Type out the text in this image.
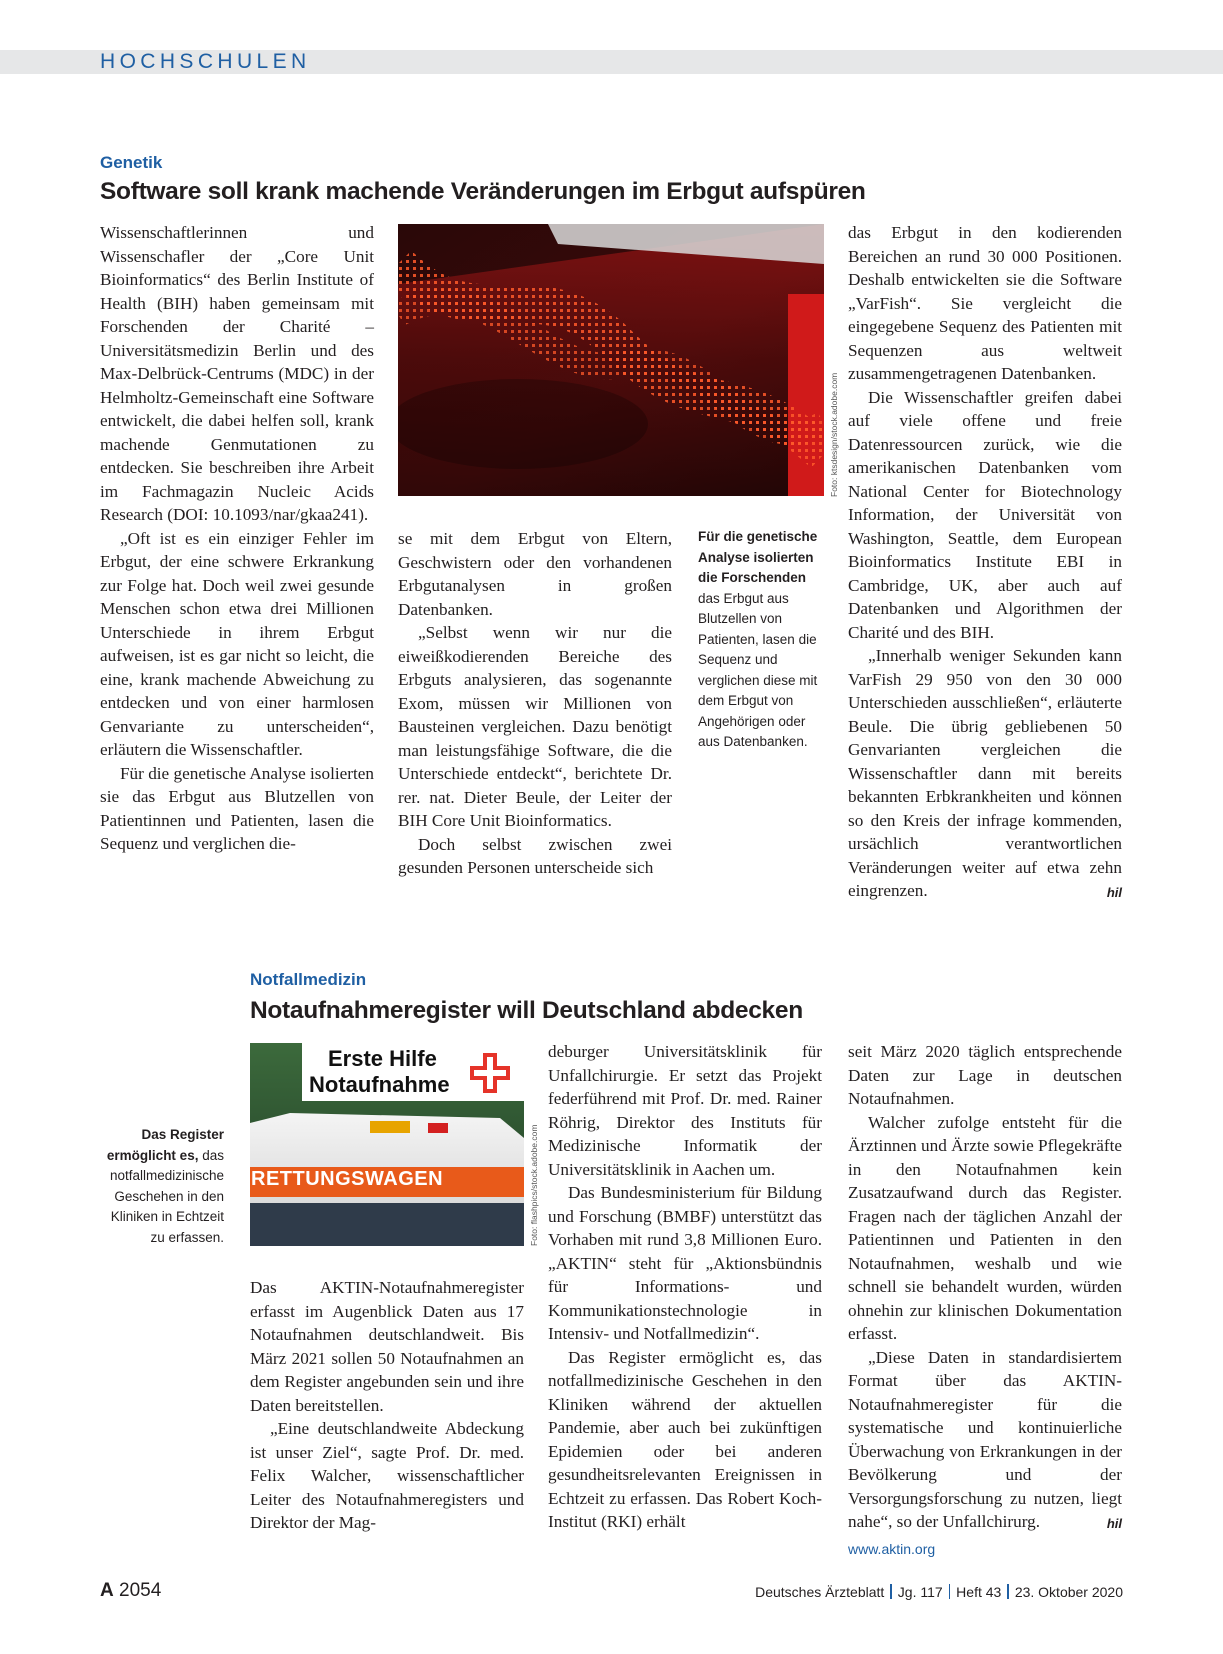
HOCHSCHULEN
Genetik
Software soll krank machende Veränderungen im Erbgut aufspüren

Wissenschaftlerinnen und Wissenschafler der „Core Unit Bioinformatics“ des Berlin Institute of Health (BIH) haben gemeinsam mit Forschenden der Charité – Universitätsmedizin Berlin und des Max-Delbrück-Centrums (MDC) in der Helmholtz-Gemeinschaft eine Software entwickelt, die dabei helfen soll, krank machende Genmutationen zu entdecken. Sie beschreiben ihre Arbeit im Fachmagazin Nucleic Acids Research (DOI: 10.1093/nar/gkaa241).

„Oft ist es ein einziger Fehler im Erbgut, der eine schwere Erkrankung zur Folge hat. Doch weil zwei gesunde Menschen schon etwa drei Millionen Unterschiede in ihrem Erbgut aufweisen, ist es gar nicht so leicht, die eine, krank machende Abweichung zu entdecken und von einer harmlosen Genvariante zu unterscheiden“, erläutern die Wissenschaftler.

Für die genetische Analyse isolierten sie das Erbgut aus Blutzellen von Patientinnen und Patienten, lasen die Sequenz und verglichen die-

Foto: ktsdesign/stock.adobe.com

se mit dem Erbgut von Eltern, Geschwistern oder den vorhandenen Erbgutanalysen in großen Datenbanken.

„Selbst wenn wir nur die eiweißkodierenden Bereiche des Erbguts analysieren, das sogenannte Exom, müssen wir Millionen von Bausteinen vergleichen. Dazu benötigt man leistungsfähige Software, die die Unterschiede entdeckt“, berichtete Dr. rer. nat. Dieter Beule, der Leiter der BIH Core Unit Bioinformatics.

Doch selbst zwischen zwei gesunden Personen unterscheide sich

Für die genetische Analyse isolierten die Forschenden das Erbgut aus Blutzellen von Patienten, lasen die Sequenz und verglichen diese mit dem Erbgut von Angehörigen oder aus Datenbanken.

das Erbgut in den kodierenden Bereichen an rund 30 000 Positionen. Deshalb entwickelten sie die Software „VarFish“. Sie vergleicht die eingegebene Sequenz des Patienten mit Sequenzen aus weltweit zusammengetragenen Datenbanken.

Die Wissenschaftler greifen dabei auf viele offene und freie Datenressourcen zurück, wie die amerikanischen Datenbanken vom National Center for Biotechnology Information, der Universität von Washington, Seattle, dem European Bioinformatics Institute EBI in Cambridge, UK, aber auch auf Datenbanken und Algorithmen der Charité und des BIH.

„Innerhalb weniger Sekunden kann VarFish 29 950 von den 30 000 Unterschieden ausschließen“, erläuterte Beule. Die übrig gebliebenen 50 Genvarianten vergleichen die Wissenschaftler dann mit bereits bekannten Erbkrankheiten und können so den Kreis der infrage kommenden, ursächlich verantwortlichen Veränderungen weiter auf etwa zehn eingrenzen.	hil

Notfallmedizin
Notaufnahmeregister will Deutschland abdecken
Das Register ermöglicht es, das notfallmedizinische Geschehen in den Kliniken in Echtzeit zu erfassen.
Erste Hilfe
Notaufnahme
RETTUNGSWAGEN	Foto: flashpics/stock.adobe.com

Das AKTIN-Notaufnahmeregister erfasst im Augenblick Daten aus 17 Notaufnahmen deutschlandweit. Bis März 2021 sollen 50 Notaufnahmen an dem Register angebunden sein und ihre Daten bereitstellen.

„Eine deutschlandweite Abdeckung ist unser Ziel“, sagte Prof. Dr. med. Felix Walcher, wissenschaftlicher Leiter des Notaufnahmeregisters und Direktor der Mag-

deburger Universitätsklinik für Unfallchirurgie. Er setzt das Projekt federführend mit Prof. Dr. med. Rainer Röhrig, Direktor des Instituts für Medizinische Informatik der Universitätsklinik in Aachen um.

Das Bundesministerium für Bildung und Forschung (BMBF) unterstützt das Vorhaben mit rund 3,8 Millionen Euro. „AKTIN“ steht für „Aktionsbündnis für Informations- und Kommunikationstechnologie in Intensiv- und Notfallmedizin“.

Das Register ermöglicht es, das notfallmedizinische Geschehen in den Kliniken während der aktuellen Pandemie, aber auch bei zukünftigen Epidemien oder bei anderen gesundheitsrelevanten Ereignissen in Echtzeit zu erfassen. Das Robert Koch-Institut (RKI) erhält

seit März 2020 täglich entsprechende Daten zur Lage in deutschen Notaufnahmen.

Walcher zufolge entsteht für die Ärztinnen und Ärzte sowie Pflegekräfte in den Notaufnahmen kein Zusatzaufwand durch das Register. Fragen nach der täglichen Anzahl der Patientinnen und Patienten in den Notaufnahmen, weshalb und wie schnell sie behandelt wurden, würden ohnehin zur klinischen Dokumentation erfasst.

„Diese Daten in standardisiertem Format über das AKTIN-Notaufnahmeregister für die systematische und kontinuierliche Überwachung von Erkrankungen in der Bevölkerung und der Versorgungsforschung zu nutzen, liegt nahe“, so der Unfallchirurg.	hil

www.aktin.org
A 2054	Deutsches Ärzteblatt Jg. 117 Heft 43 23. Oktober 2020
